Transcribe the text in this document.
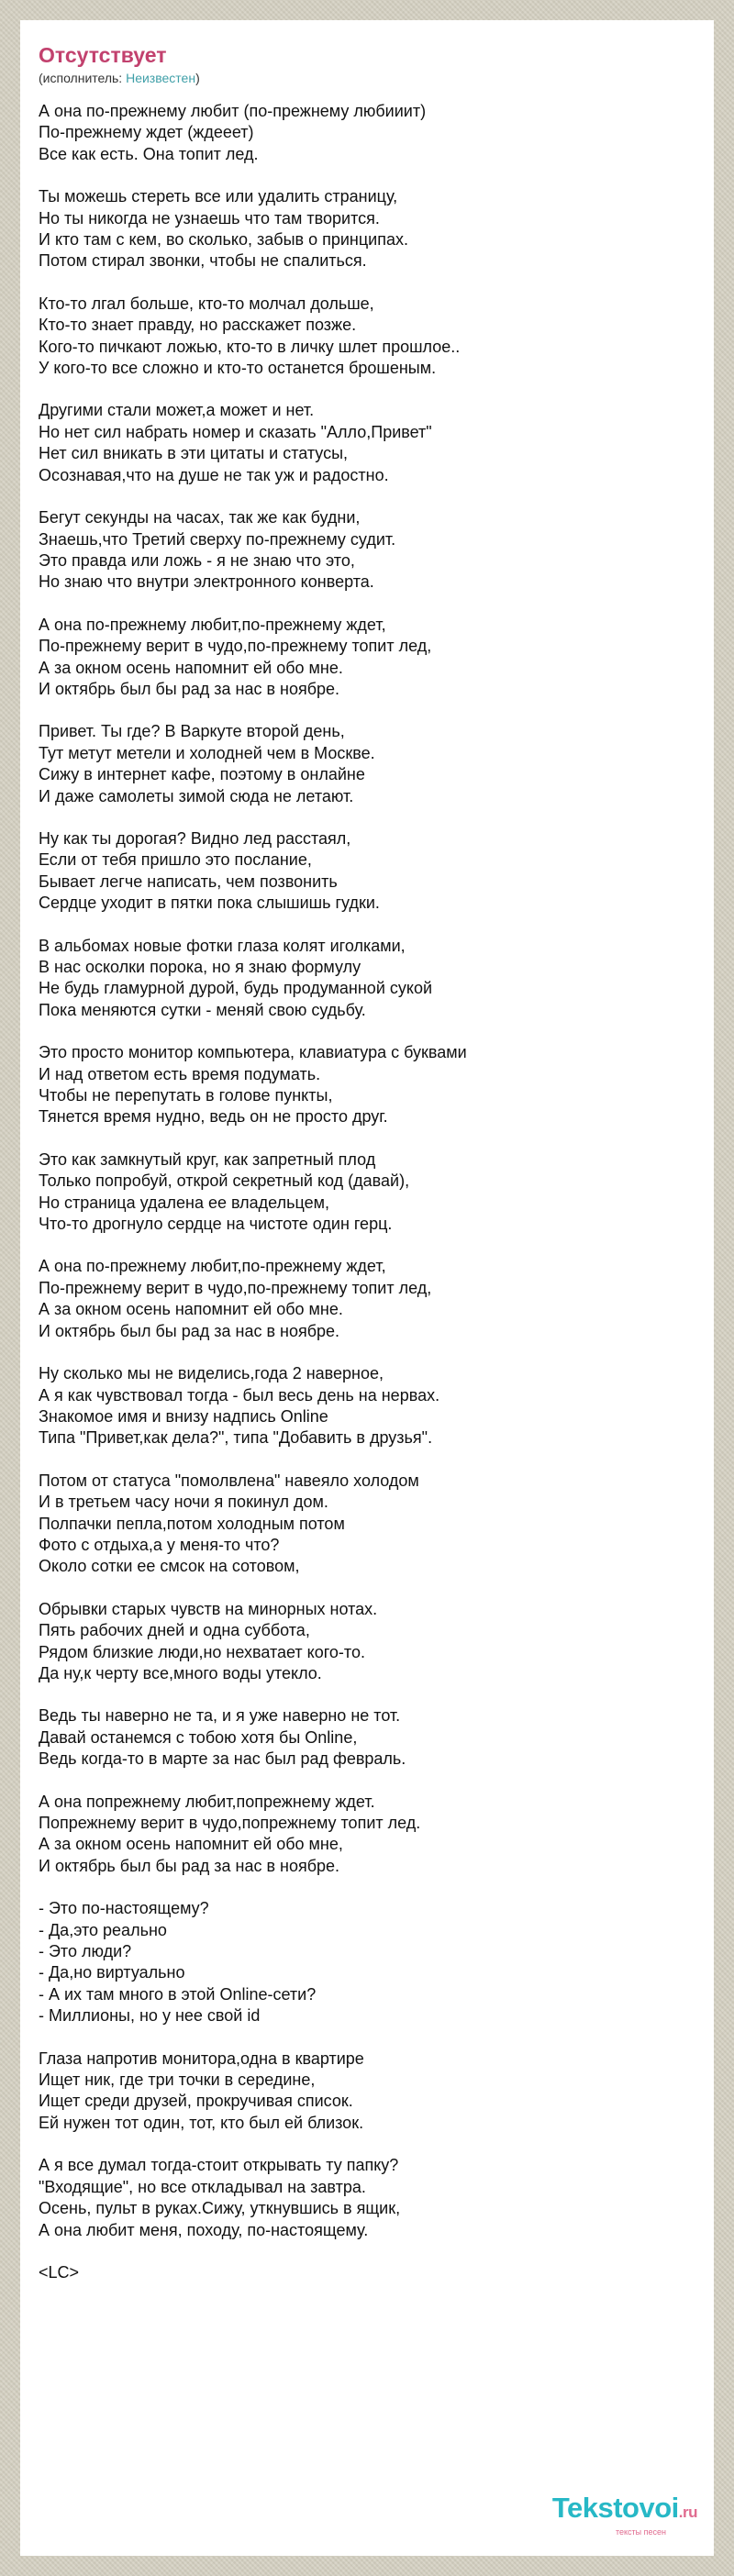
Отсутствует
(исполнитель: Неизвестен)
А она по-прежнему любит (по-прежнему любииит)
По-прежнему ждет (ждееет)
Все как есть. Она топит лед.
Ты можешь стереть все или удалить страницу,
Но ты никогда не узнаешь что там творится.
И кто там с кем, во сколько, забыв о принципах.
Потом стирал звонки, чтобы не спалиться.
Кто-то лгал больше, кто-то молчал дольше,
Кто-то знает правду, но расскажет позже.
Кого-то пичкают ложью, кто-то в личку шлет прошлое..
У кого-то все сложно и кто-то останется брошеным.
Другими стали может,а может и нет.
Но нет сил набрать номер и сказать "Алло,Привет"
Нет сил вникать в эти цитаты и статусы,
Осознавая,что на душе не так уж и радостно.
Бегут секунды на часах, так же как будни,
Знаешь,что Третий сверху по-прежнему судит.
Это правда или ложь - я не знаю что это,
Но знаю что внутри электронного конверта.
А она по-прежнему любит,по-прежнему ждет,
По-прежнему верит в чудо,по-прежнему топит лед,
А за окном осень напомнит ей обо мне.
И октябрь был бы рад за нас в ноябре.
Привет. Ты где? В Варкуте второй день,
Тут метут метели и холодней чем в Москве.
Сижу в интернет кафе, поэтому в онлайне
И даже самолеты зимой сюда не летают.
Ну как ты дорогая? Видно лед расстаял,
Если от тебя пришло это послание,
Бывает легче написать, чем позвонить
Сердце уходит в пятки пока слышишь гудки.
В альбомах новые фотки глаза колят иголками,
В нас осколки порока, но я знаю формулу
Не будь гламурной дурой, будь продуманной сукой
Пока меняются сутки - меняй свою судьбу.
Это просто монитор компьютера, клавиатура с буквами
И над ответом есть время подумать.
Чтобы не перепутать в голове пункты,
Тянется время нудно, ведь он не просто друг.
Это как замкнутый круг, как запретный плод
Только попробуй, открой секретный код (давай),
Но страница удалена ее владельцем,
Что-то дрогнуло сердце на чистоте один герц.
А она по-прежнему любит,по-прежнему ждет,
По-прежнему верит в чудо,по-прежнему топит лед,
А за окном осень напомнит ей обо мне.
И октябрь был бы рад за нас в ноябре.
Ну сколько мы не виделись,года 2 наверное,
А я как чувствовал тогда - был весь день на нервах.
Знакомое имя и внизу надпись Online
Типа "Привет,как дела?", типа "Добавить в друзья".
Потом от статуса "помолвлена" навеяло холодом
И в третьем часу ночи я покинул дом.
Полпачки пепла,потом холодным потом
Фото с отдыха,а у меня-то что?
Около сотки ее смсок на сотовом,
Обрывки старых чувств на минорных нотах.
Пять рабочих дней и одна суббота,
Рядом близкие люди,но нехватает кого-то.
Да ну,к черту все,много воды утекло.
Ведь ты наверно не та, и я уже наверно не тот.
Давай останемся с тобою хотя бы Online,
Ведь когда-то в марте за нас был рад февраль.
А она попрежнему любит,попрежнему ждет.
Попрежнему верит в чудо,попрежнему топит лед.
А за окном осень напомнит ей обо мне,
И октябрь был бы рад за нас в ноябре.
- Это по-настоящему?
- Да,это реально
- Это люди?
- Да,но виртуально
- А их там много в этой Online-сети?
- Миллионы, но у нее свой id
Глаза напротив монитора,одна в квартире
Ищет ник, где три точки в середине,
Ищет среди друзей, прокручивая список.
Ей нужен тот один, тот, кто был ей близок.
А я все думал тогда-стоит открывать ту папку?
"Входящие", но все откладывал на завтра.
Осень, пульт в руках.Сижу, уткнувшись в ящик,
А она любит меня, походу, по-настоящему.
<LC>
Tekstovoi.ru
тексты песен
